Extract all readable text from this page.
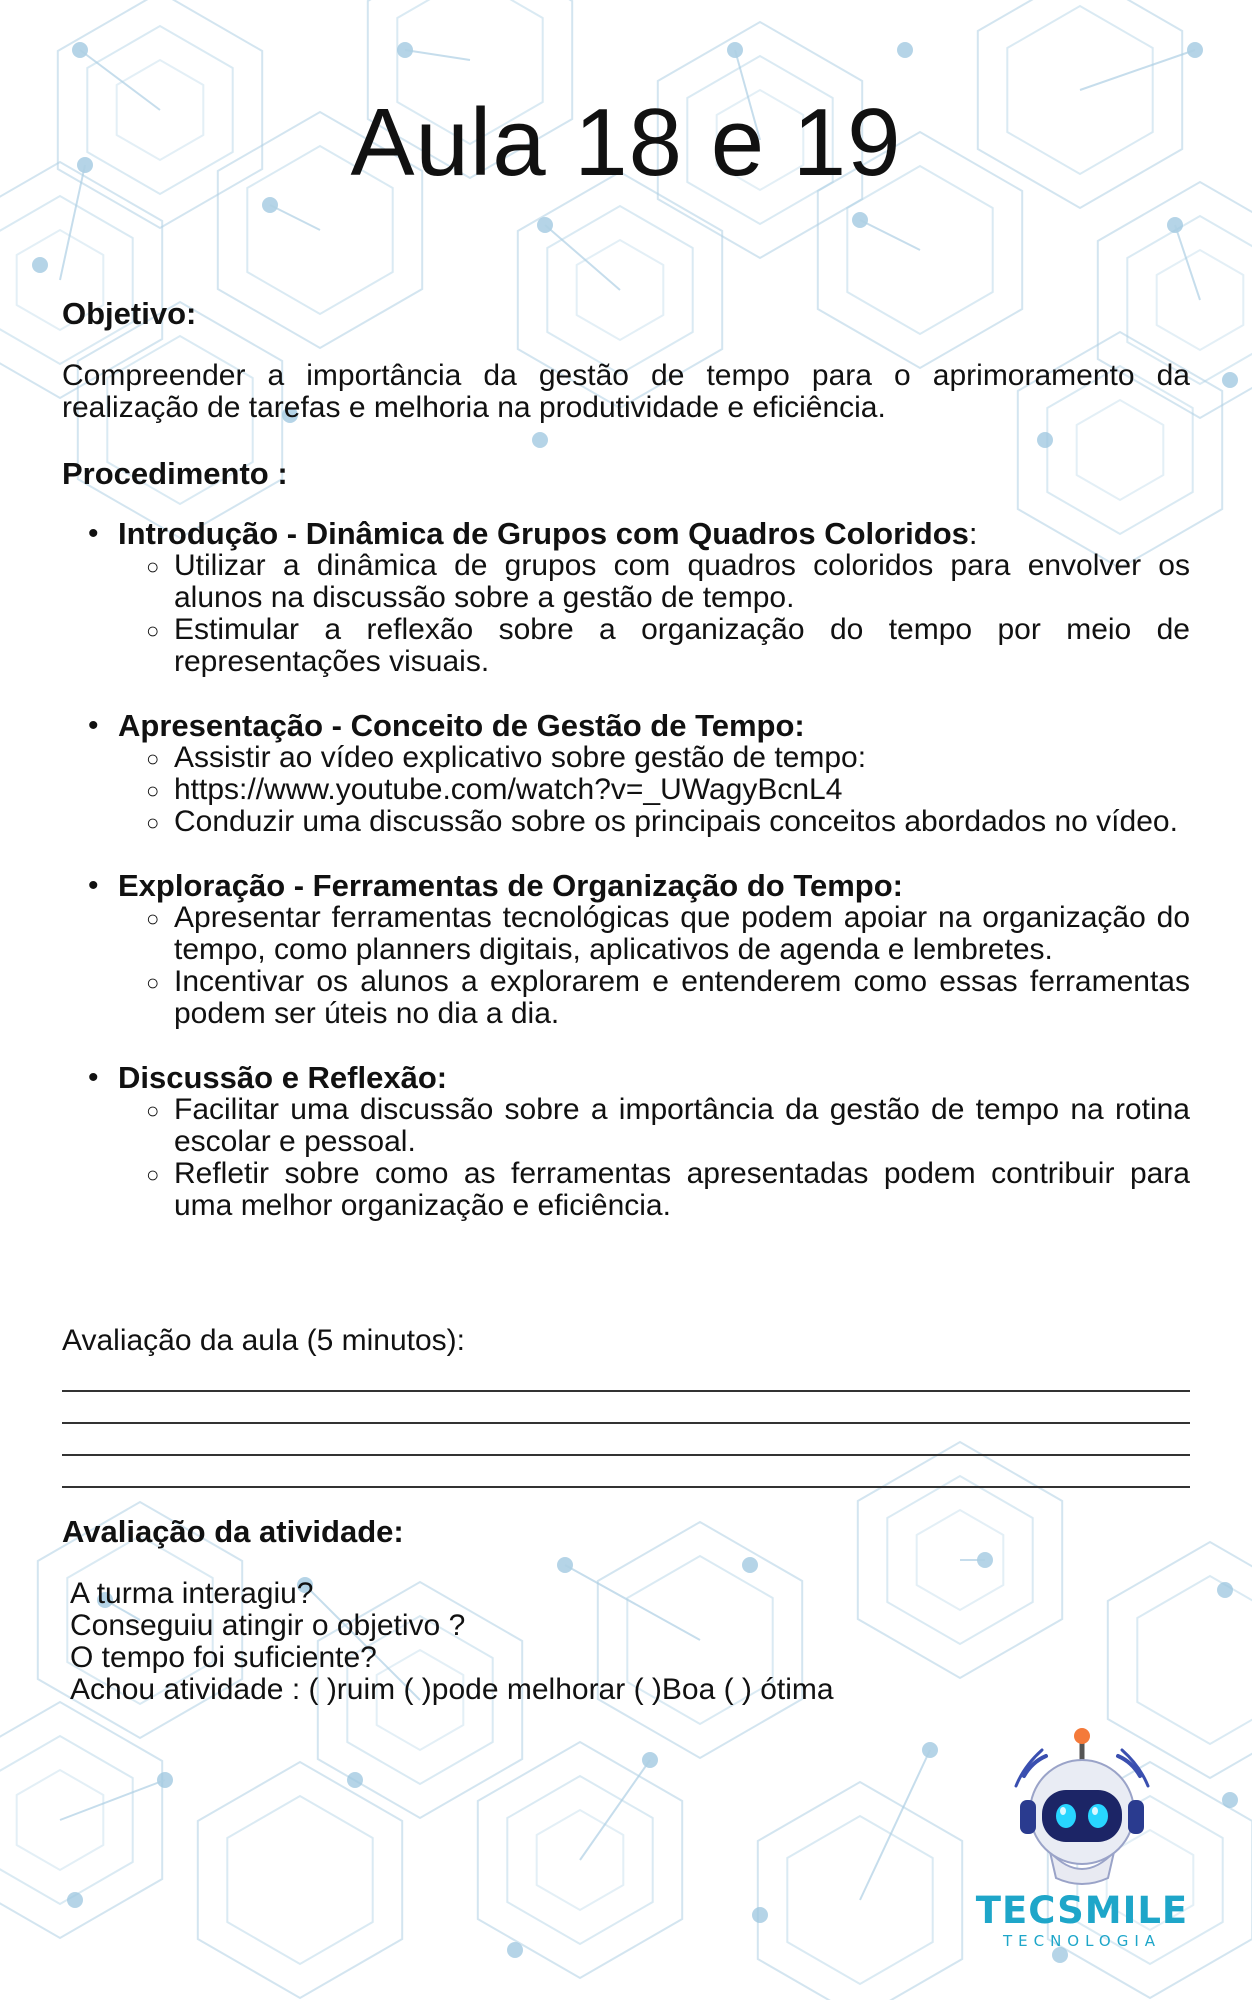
Aula 18 e 19
Objetivo:

Compreender a importância da gestão de tempo para o aprimoramento da realização de tarefas e melhoria na produtividade e eficiência.

Procedimento :
• Introdução - Dinâmica de Grupos com Quadros Coloridos:
○ Utilizar a dinâmica de grupos com quadros coloridos para envolver os alunos na discussão sobre a gestão de tempo.
○ Estimular a reflexão sobre a organização do tempo por meio de representações visuais.
• Apresentação - Conceito de Gestão de Tempo:
○ Assistir ao vídeo explicativo sobre gestão de tempo:
○ https://www.youtube.com/watch?v=_UWagyBcnL4
○ Conduzir uma discussão sobre os principais conceitos abordados no vídeo.
• Exploração - Ferramentas de Organização do Tempo:
○ Apresentar ferramentas tecnológicas que podem apoiar na organização do tempo, como planners digitais, aplicativos de agenda e lembretes.
○ Incentivar os alunos a explorarem e entenderem como essas ferramentas podem ser úteis no dia a dia.
• Discussão e Reflexão:
○ Facilitar uma discussão sobre a importância da gestão de tempo na rotina escolar e pessoal.
○ Refletir sobre como as ferramentas apresentadas podem contribuir para uma melhor organização e eficiência.

Avaliação da aula (5 minutos):

Avaliação da atividade:
A turma interagiu?
Conseguiu atingir o objetivo ?
O tempo foi suficiente?
Achou atividade : ( )ruim ( )pode melhorar ( )Boa ( ) ótima
TECSMILE
TECNOLOGIA
